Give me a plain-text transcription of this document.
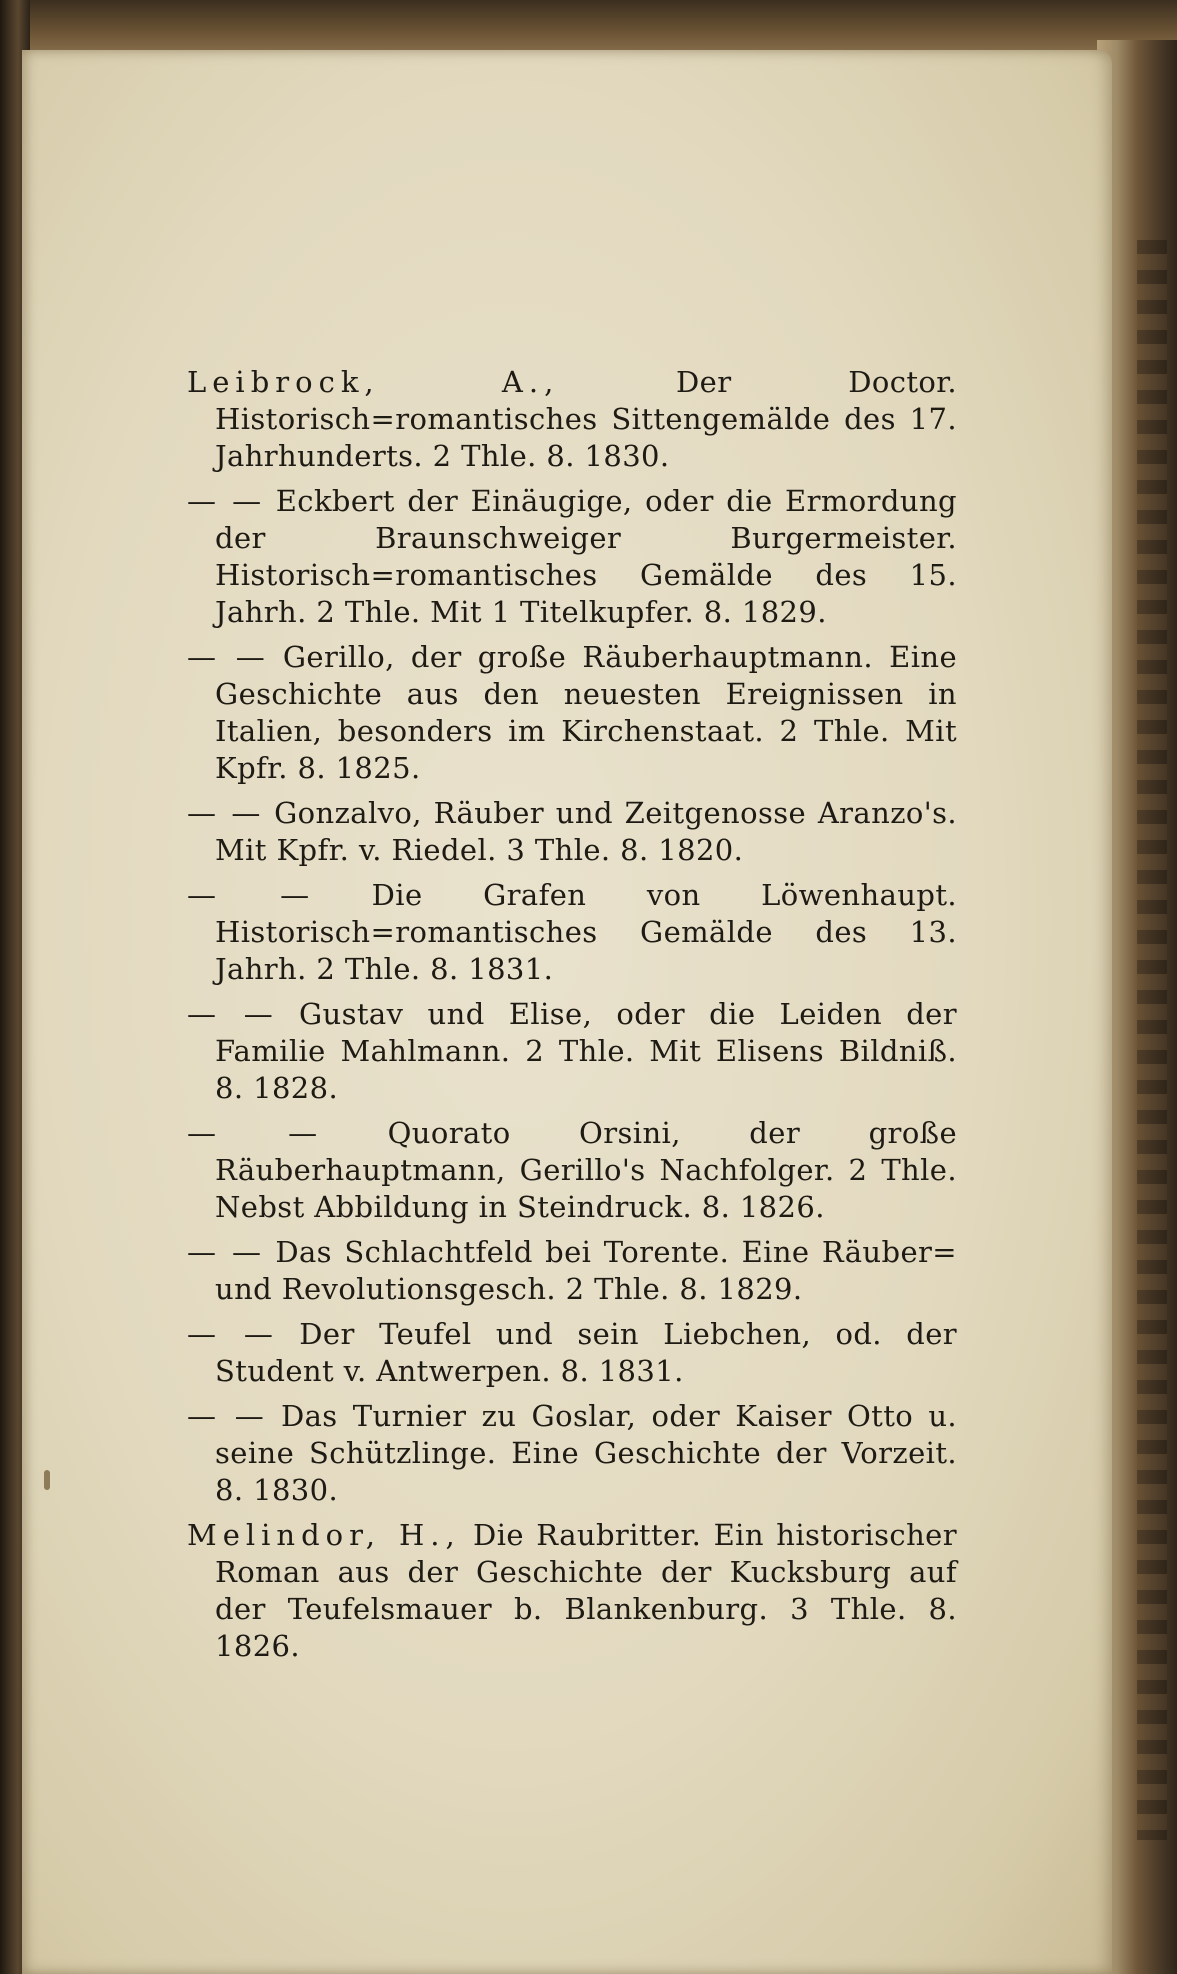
Leibrock, A.,	Der Doctor. Historisch=romantisches Sittengemälde des 17. Jahrhunderts. 2 Thle. 8. 1830.

— — Eckbert der Einäugige, oder die Ermordung der Braunschweiger Burgermeister. Historisch=romantisches Gemälde des 15. Jahrh. 2 Thle. Mit 1 Titelkupfer. 8. 1829.

— — Gerillo, der große Räuberhauptmann. Eine Geschichte aus den neuesten Ereignissen in Italien, besonders im Kirchenstaat. 2 Thle. Mit Kpfr. 8. 1825.

— — Gonzalvo, Räuber und Zeitgenosse Aranzo's. Mit Kpfr. v. Riedel. 3 Thle. 8. 1820.

— — Die Grafen von Löwenhaupt. Historisch=romantisches Gemälde des 13. Jahrh. 2 Thle. 8. 1831.

— — Gustav und Elise, oder die Leiden der Familie Mahlmann. 2 Thle. Mit Elisens Bildniß. 8. 1828.

— — Quorato Orsini, der große Räuberhauptmann, Gerillo's Nachfolger. 2 Thle. Nebst Abbildung in Steindruck. 8. 1826.

— — Das Schlachtfeld bei Torente. Eine Räuber= und Revolutionsgesch. 2 Thle. 8. 1829.

— — Der Teufel und sein Liebchen, od. der Student v. Antwerpen. 8. 1831.

— — Das Turnier zu Goslar, oder Kaiser Otto u. seine Schützlinge. Eine Geschichte der Vorzeit. 8. 1830.

Melindor, H., Die Raubritter. Ein historischer Roman aus der Geschichte der Kucksburg auf der Teufelsmauer b. Blankenburg. 3 Thle. 8. 1826.
